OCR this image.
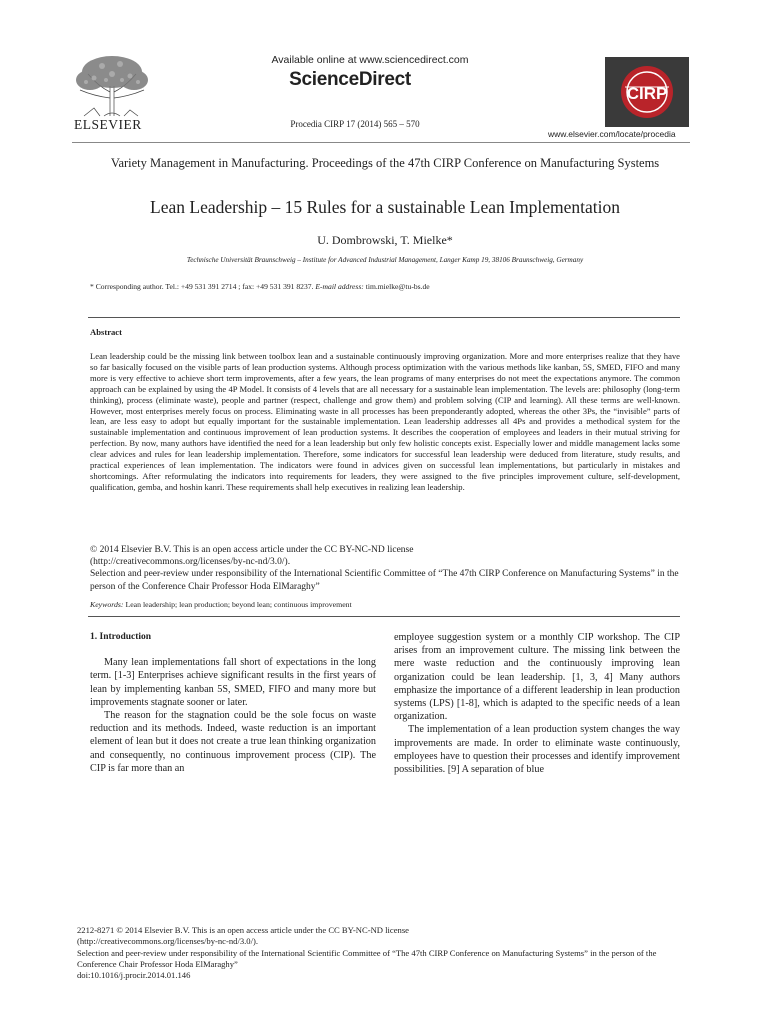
ELSEVIER
Available online at www.sciencedirect.com
ScienceDirect
Procedia CIRP 17 (2014) 565 – 570
CIRP
www.elsevier.com/locate/procedia
Variety Management in Manufacturing. Proceedings of the 47th CIRP Conference on Manufacturing Systems
Lean Leadership – 15 Rules for a sustainable Lean Implementation
U. Dombrowski, T. Mielke*
Technische Universität Braunschweig – Institute for Advanced Industrial Management, Langer Kamp 19, 38106 Braunschweig, Germany
* Corresponding author. Tel.: +49 531 391 2714 ; fax: +49 531 391 8237. E-mail address: tim.mielke@tu-bs.de
Abstract

Lean leadership could be the missing link between toolbox lean and a sustainable continuously improving organization. More and more enterprises realize that they have so far basically focused on the visible parts of lean production systems. Although process optimization with the various methods like kanban, 5S, SMED, FIFO and many more is very effective to achieve short term improvements, after a few years, the lean programs of many enterprises do not meet the expectations anymore. The common approach can be explained by using the 4P Model. It consists of 4 levels that are all necessary for a sustainable lean implementation. The levels are: philosophy (long-term thinking), process (eliminate waste), people and partner (respect, challenge and grow them) and problem solving (CIP and learning). All these terms are well-known. However, most enterprises merely focus on process. Eliminating waste in all processes has been preponderantly adopted, whereas the other 3Ps, the “invisible” parts of lean, are less easy to adopt but equally important for the sustainable implementation. Lean leadership addresses all 4Ps and provides a methodical system for the sustainable implementation and continuous improvement of lean production systems. It describes the cooperation of employees and leaders in their mutual striving for perfection. By now, many authors have identified the need for a lean leadership but only few holistic concepts exist. Especially lower and middle management lacks some clear advices and rules for lean leadership implementation. Therefore, some indicators for successful lean leadership were deduced from literature, study results, and practical experiences of lean implementation. The indicators were found in advices given on successful lean implementations, but particularly in mistakes and shortcomings. After reformulating the indicators into requirements for leaders, they were assigned to the five principles improvement culture, self-development, qualification, gemba, and hoshin kanri. These requirements shall help executives in realizing lean leadership.

© 2014 Elsevier B.V. This is an open access article under the CC BY-NC-ND license

(http://creativecommons.org/licenses/by-nc-nd/3.0/).

Selection and peer-review under responsibility of the International Scientific Committee of “The 47th CIRP Conference on Manufacturing Systems” in the person of the Conference Chair Professor Hoda ElMaraghy”

Keywords: Lean leadership; lean production; beyond lean; continuous improvement

1. Introduction

Many lean implementations fall short of expectations in the long term. [1-3] Enterprises achieve significant results in the first years of lean by implementing kanban 5S, SMED, FIFO and many more but improvements stagnate sooner or later.

The reason for the stagnation could be the sole focus on waste reduction and its methods. Indeed, waste reduction is an important element of lean but it does not create a true lean thinking organization and consequently, no continuous improvement process (CIP). The CIP is far more than an

employee suggestion system or a monthly CIP workshop. The CIP arises from an improvement culture. The missing link between the mere waste reduction and the continuously improving lean organization could be lean leadership. [1, 3, 4] Many authors emphasize the importance of a different leadership in lean production systems (LPS) [1-8], which is adapted to the specific needs of a lean organization.

The implementation of a lean production system changes the way improvements are made. In order to eliminate waste continuously, employees have to question their processes and identify improvement possibilities. [9] A separation of blue

2212-8271 © 2014 Elsevier B.V. This is an open access article under the CC BY-NC-ND license

(http://creativecommons.org/licenses/by-nc-nd/3.0/).

Selection and peer-review under responsibility of the International Scientific Committee of “The 47th CIRP Conference on Manufacturing Systems” in the person of the Conference Chair Professor Hoda ElMaraghy”

doi:10.1016/j.procir.2014.01.146
